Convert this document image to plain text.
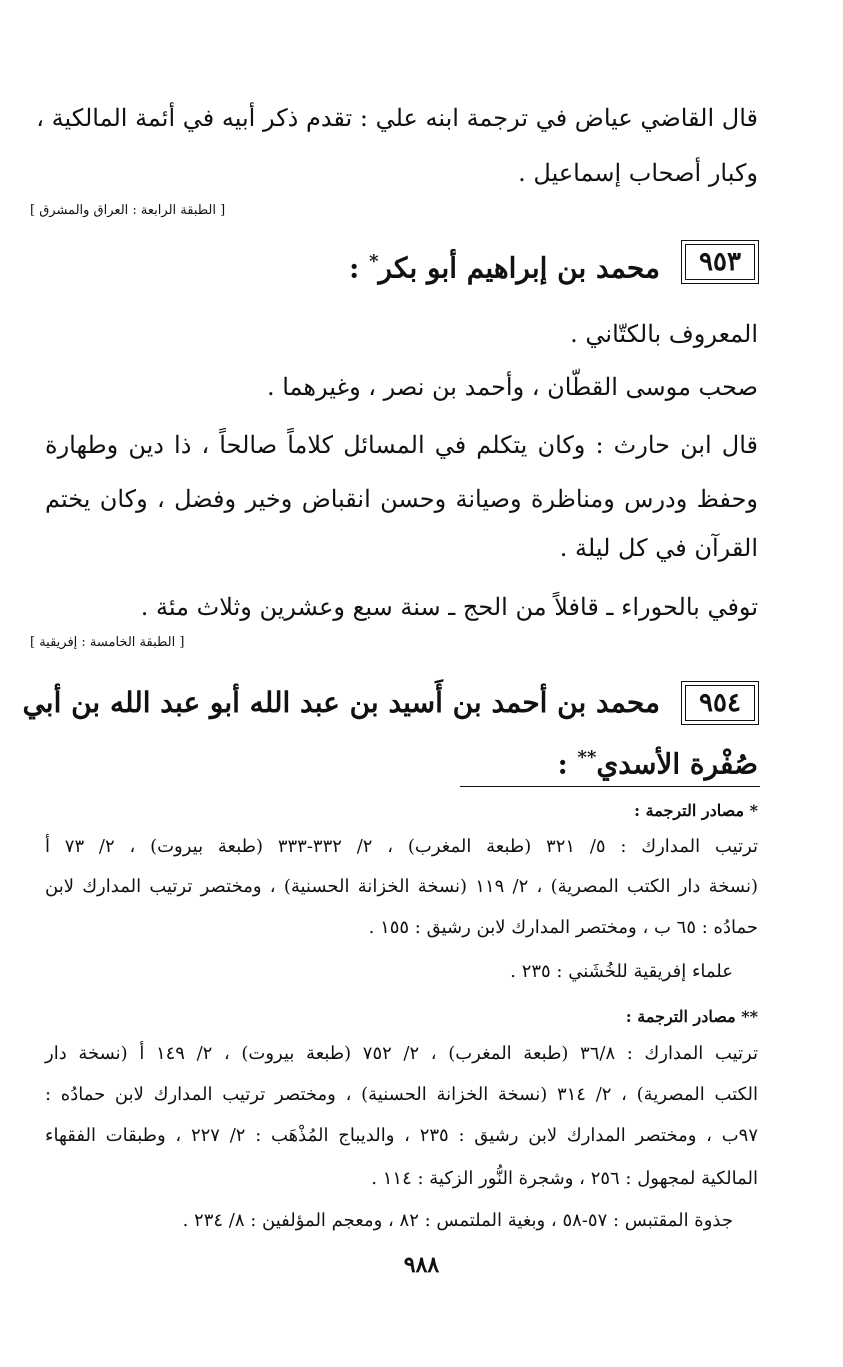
قال القاضي عياض في ترجمة ابنه علي : تقدم ذكر أبيه في أئمة المالكية ،
وكبار أصحاب إسماعيل .
[ الطبقة الرابعة : العراق والمشرق ]
٩٥٣
محمد بن إبراهيم أبو بكر* :
المعروف بالكتّاني .
صحب موسى القطّان ، وأحمد بن نصر ، وغيرهما .
قال ابن حارث : وكان يتكلم في المسائل كلاماً صالحاً ، ذا دين وطهارة
وحفظ ودرس ومناظرة وصيانة وحسن انقباض وخير وفضل ، وكان يختم
القرآن في كل ليلة .
توفي بالحوراء ـ قافلاً من الحج ـ سنة سبع وعشرين وثلاث مئة .
[ الطبقة الخامسة : إفريقية ]
٩٥٤
محمد بن أحمد بن أَسيد بن عبد الله أبو عبد الله بن أبي
صُفْرة الأسدي** :
* مصادر الترجمة :
ترتيب المدارك : ٥/ ٣٢١ (طبعة المغرب) ، ٢/ ٣٣٢-٣٣٣ (طبعة بيروت) ، ٢/ ٧٣ أ
(نسخة دار الكتب المصرية) ، ٢/ ١١٩ (نسخة الخزانة الحسنية) ، ومختصر ترتيب المدارك لابن
حمادُه : ٦٥ ب ، ومختصر المدارك لابن رشيق : ١٥٥ .
علماء إفريقية للخُشَني : ٢٣٥ .
** مصادر الترجمة :
ترتيب المدارك : ٣٦/٨ (طبعة المغرب) ، ٢/ ٧٥٢ (طبعة بيروت) ، ٢/ ١٤٩ أ (نسخة دار
الكتب المصرية) ، ٢/ ٣١٤ (نسخة الخزانة الحسنية) ، ومختصر ترتيب المدارك لابن حمادُه :
٩٧ب ، ومختصر المدارك لابن رشيق : ٢٣٥ ، والديباج المُذْهَب : ٢/ ٢٢٧ ، وطبقات الفقهاء
المالكية لمجهول : ٢٥٦ ، وشجرة النُّور الزكية : ١١٤ .
جذوة المقتبس : ٥٧-٥٨ ، وبغية الملتمس : ٨٢ ، ومعجم المؤلفين : ٨/ ٢٣٤ .
٩٨٨
